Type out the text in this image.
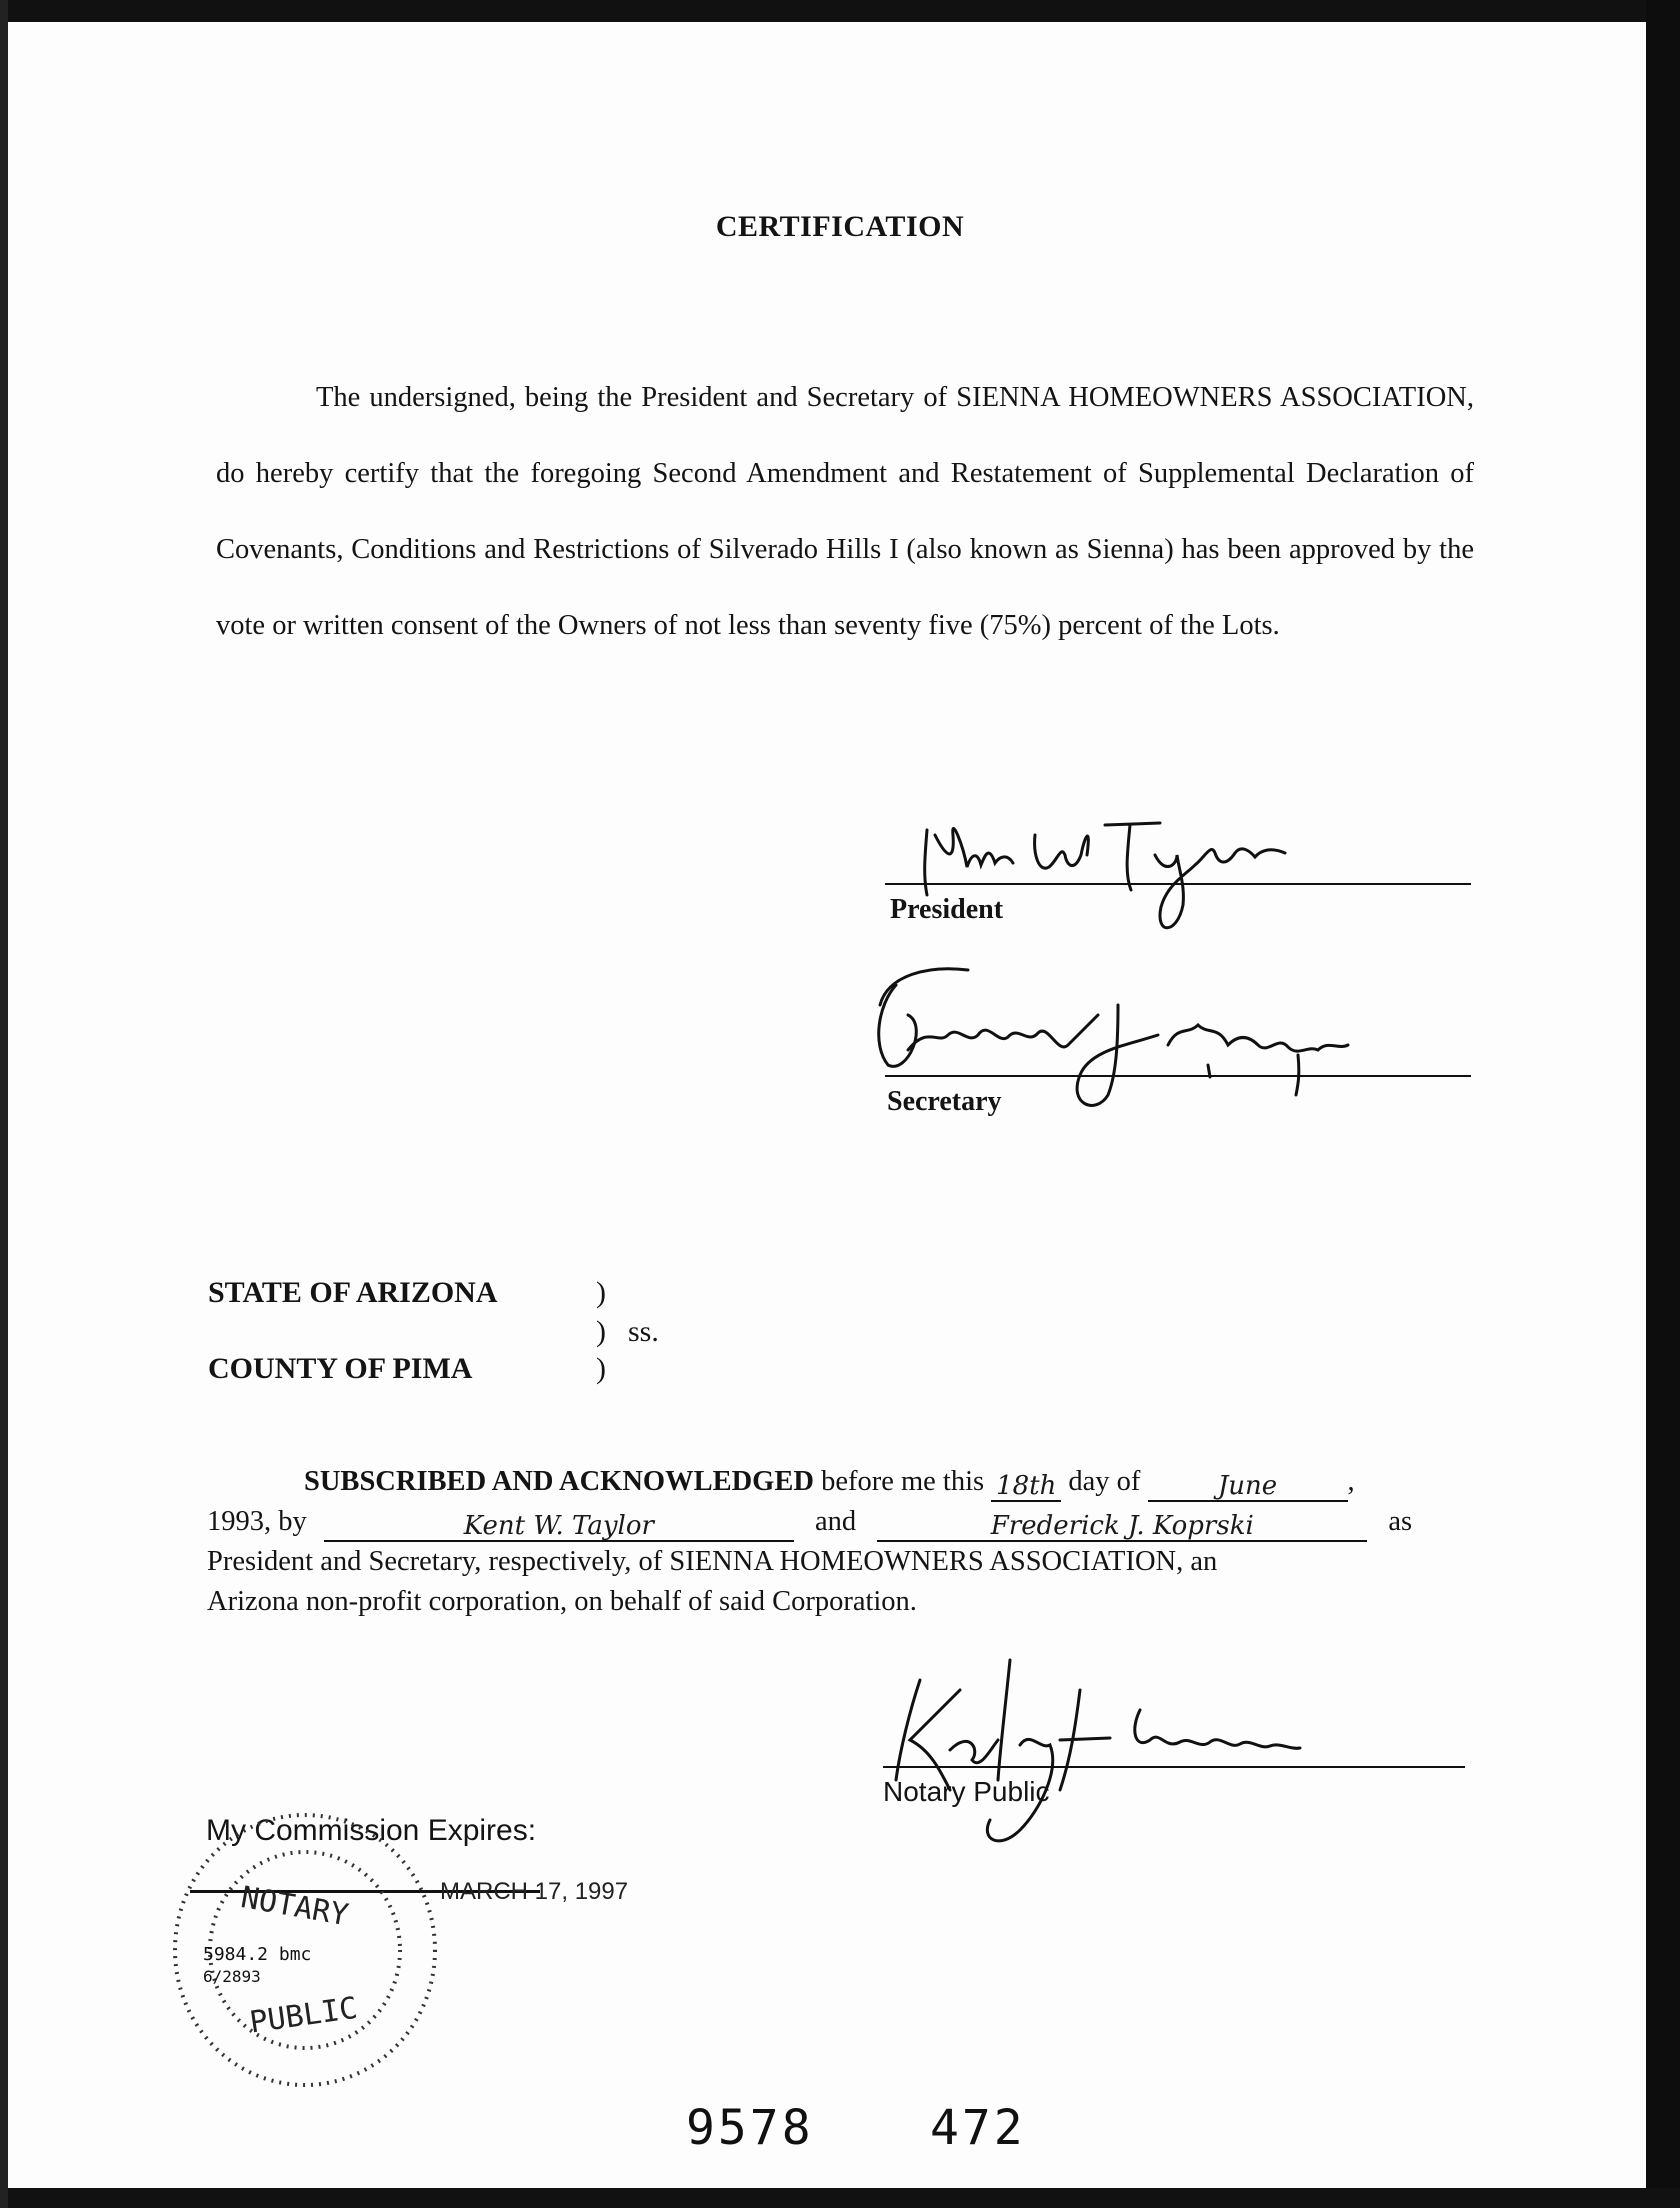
CERTIFICATION
The undersigned, being the President and Secretary of SIENNA HOMEOWNERS ASSOCIATION, do hereby certify that the foregoing Second Amendment and Restatement of Supplemental Declaration of Covenants, Conditions and Restrictions of Silverado Hills I (also known as Sienna) has been approved by the vote or written consent of the Owners of not less than seventy five (75%) percent of the Lots.
President
Secretary
STATE OF ARIZONA	)
) ss.
COUNTY OF PIMA	)
SUBSCRIBED AND ACKNOWLEDGED before me this 18th day of	June ,
1993, by	Kent W. Taylor	and	Frederick J. Koprski	as
President and Secretary, respectively, of SIENNA HOMEOWNERS ASSOCIATION, an
Arizona non-profit corporation, on behalf of said Corporation.
Notary Public
My Commission Expires:
MARCH 17, 1997
NOTARY
PUBLIC
5984.2 bmc
6/2893
9578 472
